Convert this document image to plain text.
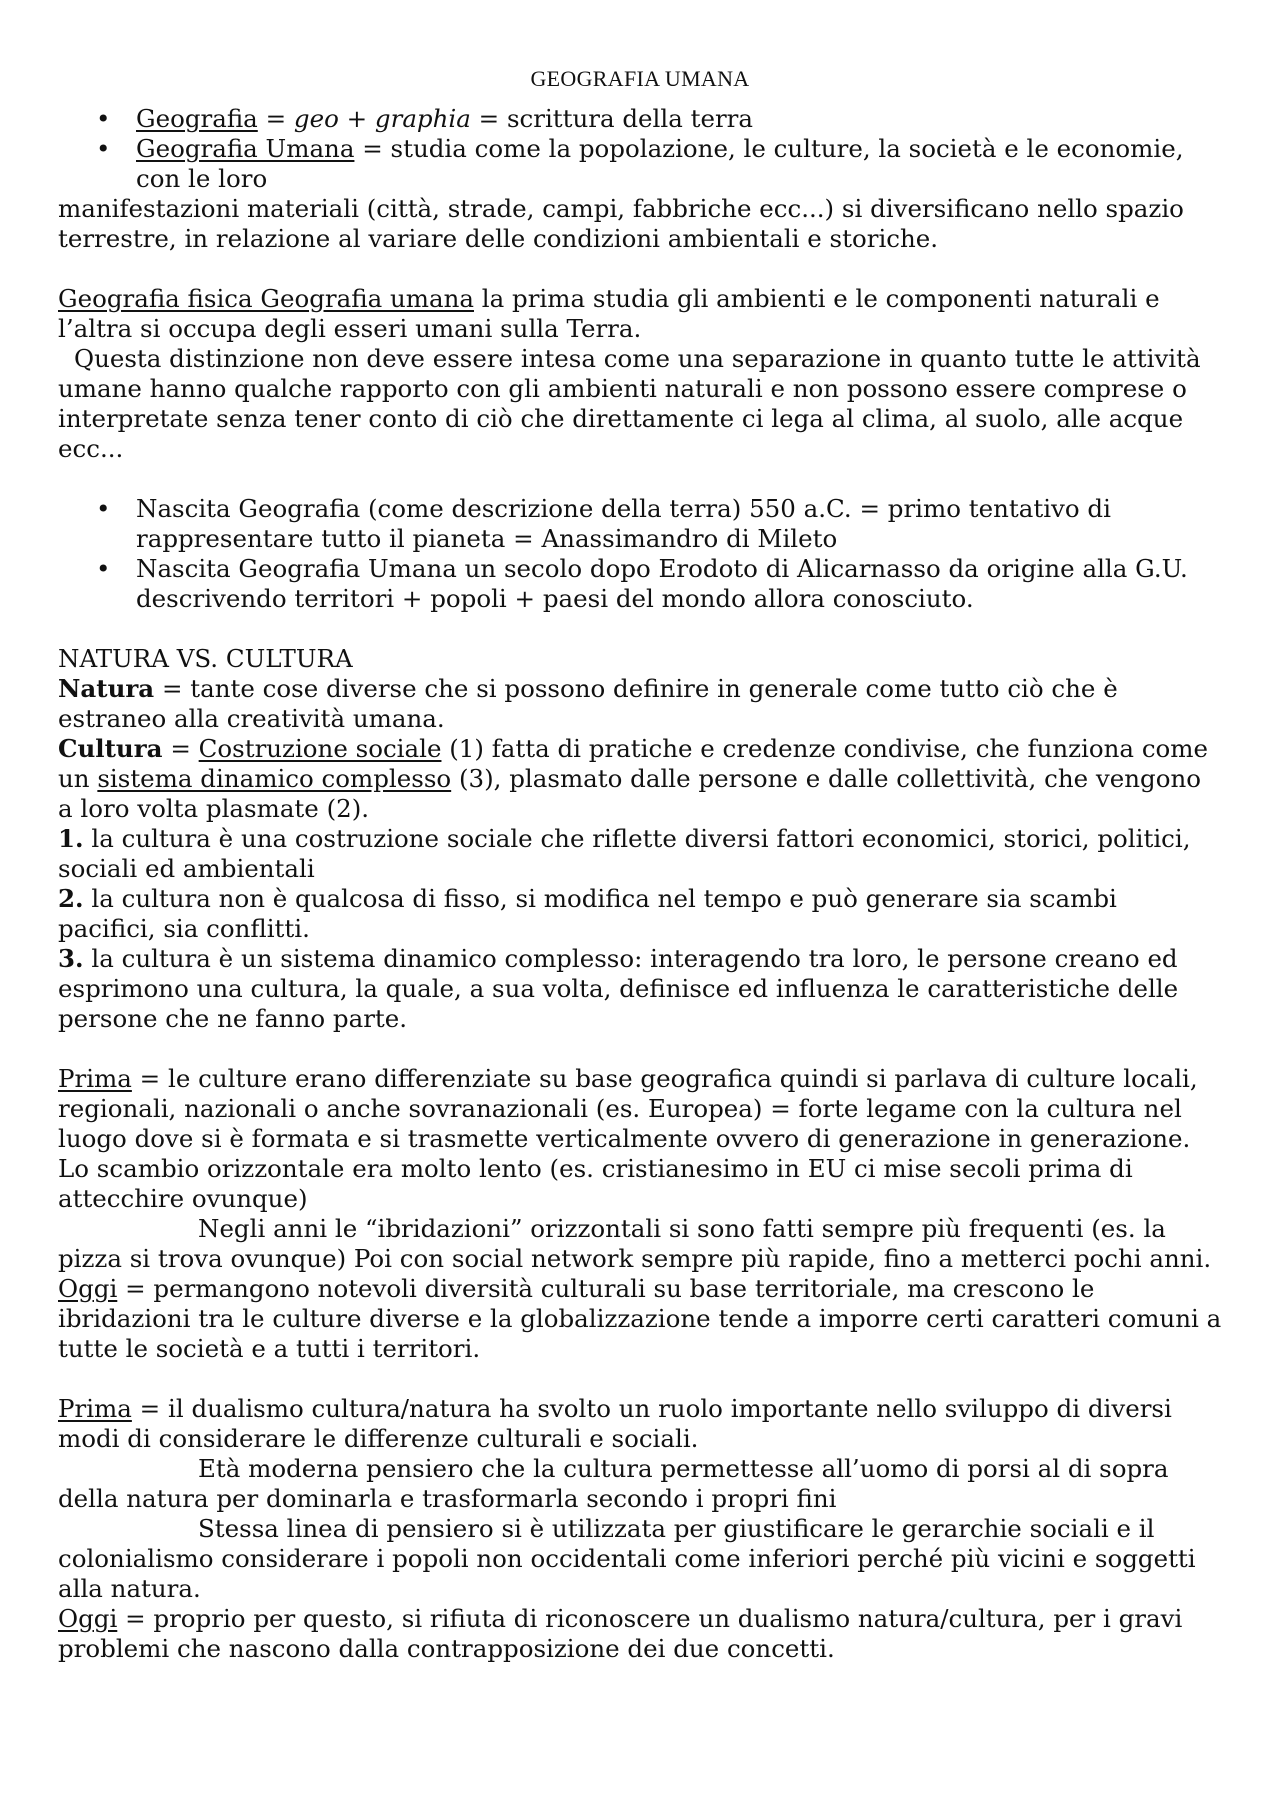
GEOGRAFIA UMANA
• Geografia = geo + graphia = scrittura della terra
• Geografia Umana = studia come la popolazione, le culture, la società e le economie, con le loro

manifestazioni materiali (città, strade, campi, fabbriche ecc...) si diversificano nello spazio terrestre, in relazione al variare delle condizioni ambientali e storiche.

Geografia fisica Geografia umana la prima studia gli ambienti e le componenti naturali e l’altra si occupa degli esseri umani sulla Terra.

Questa distinzione non deve essere intesa come una separazione in quanto tutte le attività umane hanno qualche rapporto con gli ambienti naturali e non possono essere comprese o interpretate senza tener conto di ciò che direttamente ci lega al clima, al suolo, alle acque ecc...

• Nascita Geografia (come descrizione della terra) 550 a.C. = primo tentativo di rappresentare tutto il pianeta = Anassimandro di Mileto
• Nascita Geografia Umana un secolo dopo Erodoto di Alicarnasso da origine alla G.U. descrivendo territori + popoli + paesi del mondo allora conosciuto.

NATURA VS. CULTURA

Natura = tante cose diverse che si possono definire in generale come tutto ciò che è estraneo alla creatività umana.

Cultura = Costruzione sociale (1) fatta di pratiche e credenze condivise, che funziona come un sistema dinamico complesso (3), plasmato dalle persone e dalle collettività, che vengono a loro volta plasmate (2).

1. la cultura è una costruzione sociale che riflette diversi fattori economici, storici, politici, sociali ed ambientali

2. la cultura non è qualcosa di fisso, si modifica nel tempo e può generare sia scambi pacifici, sia conflitti.

3. la cultura è un sistema dinamico complesso: interagendo tra loro, le persone creano ed esprimono una cultura, la quale, a sua volta, definisce ed influenza le caratteristiche delle persone che ne fanno parte.

Prima = le culture erano differenziate su base geografica quindi si parlava di culture locali, regionali, nazionali o anche sovranazionali (es. Europea) = forte legame con la cultura nel luogo dove si è formata e si trasmette verticalmente ovvero di generazione in generazione. Lo scambio orizzontale era molto lento (es. cristianesimo in EU ci mise secoli prima di attecchire ovunque)

Negli anni le “ibridazioni” orizzontali si sono fatti sempre più frequenti (es. la pizza si trova ovunque) Poi con social network sempre più rapide, fino a metterci pochi anni.

Oggi = permangono notevoli diversità culturali su base territoriale, ma crescono le ibridazioni tra le culture diverse e la globalizzazione tende a imporre certi caratteri comuni a tutte le società e a tutti i territori.

Prima = il dualismo cultura/natura ha svolto un ruolo importante nello sviluppo di diversi modi di considerare le differenze culturali e sociali.

Età moderna pensiero che la cultura permettesse all’uomo di porsi al di sopra della natura per dominarla e trasformarla secondo i propri fini

Stessa linea di pensiero si è utilizzata per giustificare le gerarchie sociali e il colonialismo considerare i popoli non occidentali come inferiori perché più vicini e soggetti alla natura.

Oggi = proprio per questo, si rifiuta di riconoscere un dualismo natura/cultura, per i gravi problemi che nascono dalla contrapposizione dei due concetti.
